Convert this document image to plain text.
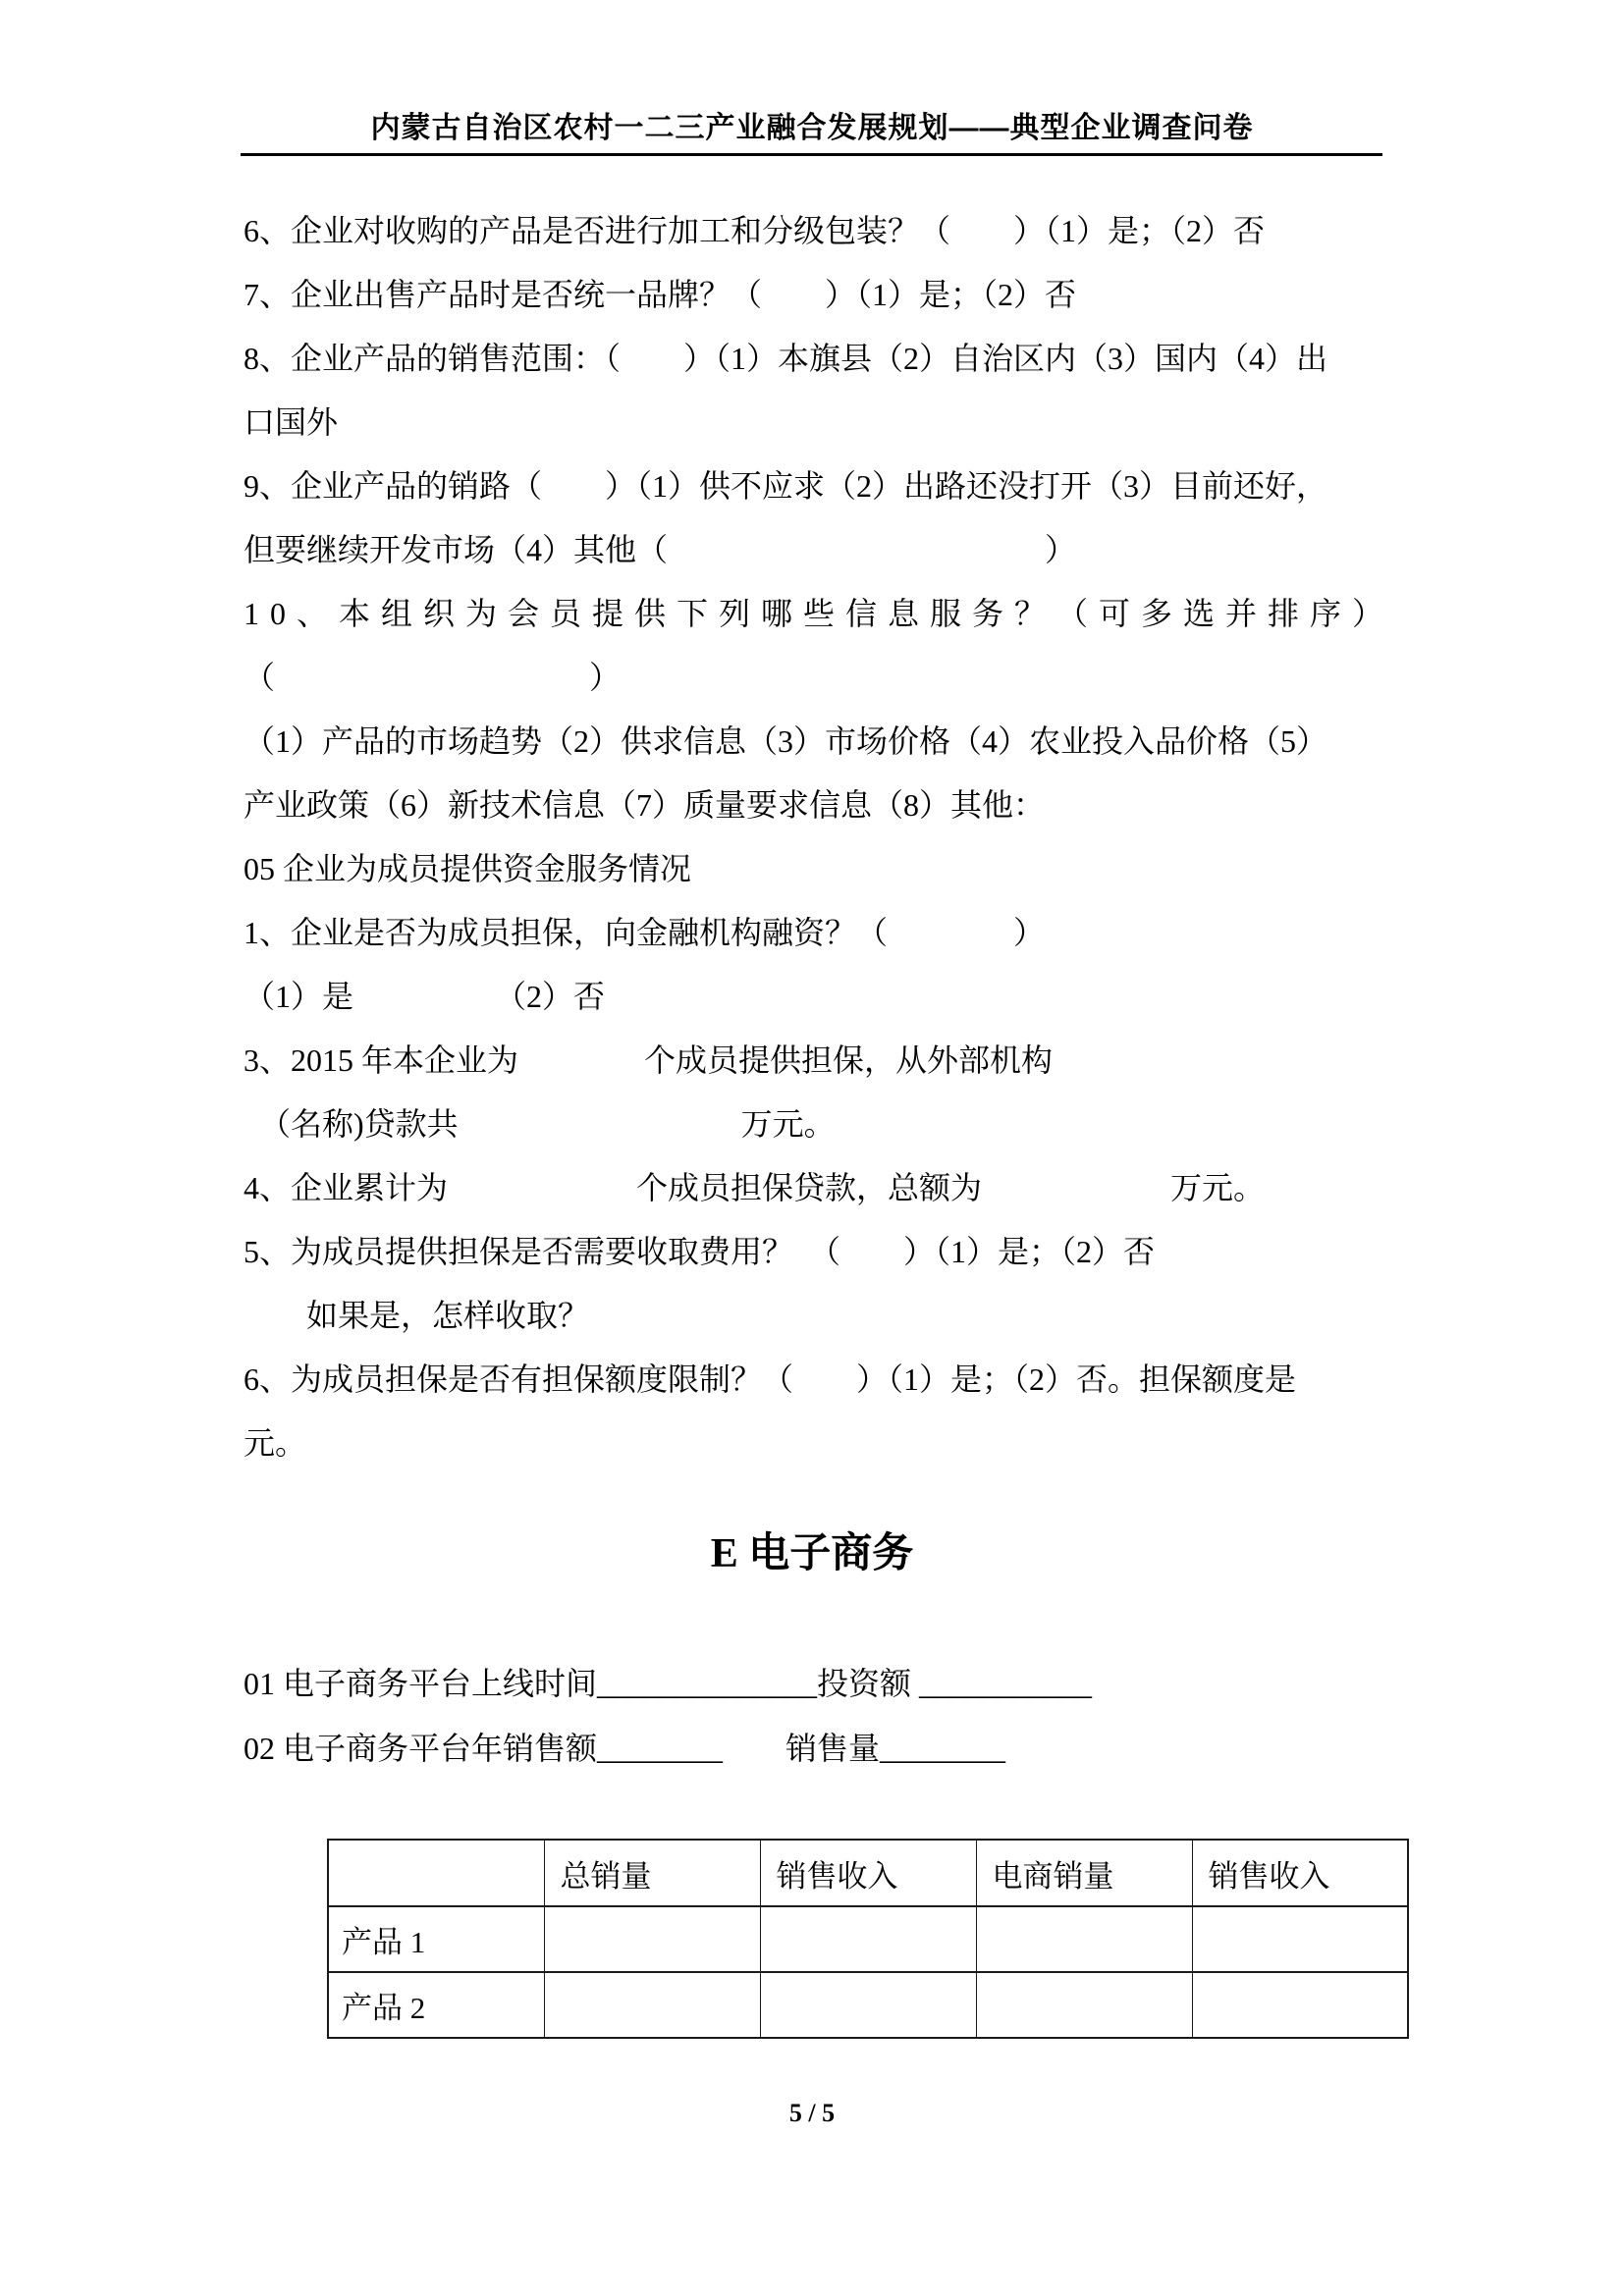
内蒙古自治区农村一二三产业融合发展规划——典型企业调查问卷

6、企业对收购的产品是否进行加工和分级包装？（　　）（1）是；（2）否

7、企业出售产品时是否统一品牌？（　　）（1）是；（2）否

8、企业产品的销售范围：（　　）（1）本旗县（2）自治区内（3）国内（4）出

口国外

9、企业产品的销路（　　）（1）供不应求（2）出路还没打开（3）目前还好，

但要继续开发市场（4）其他（　　　　　　　　　　　　）

10、本组织为会员提供下列哪些信息服务？（可多选并排序）

（　　　　　　　　　　）

（1）产品的市场趋势（2）供求信息（3）市场价格（4）农业投入品价格（5）

产业政策（6）新技术信息（7）质量要求信息（8）其他：

05 企业为成员提供资金服务情况

1、企业是否为成员担保，向金融机构融资？（　　　　）

（1）是　　　　　（2）否

3、2015 年本企业为　　　　个成员提供担保，从外部机构

　（名称)贷款共　　　　　　　　　万元。

4、企业累计为　　　　　　个成员担保贷款，总额为　　　　　　万元。

5、为成员提供担保是否需要收取费用？　（　　）（1）是；（2）否

　　如果是，怎样收取？

6、为成员担保是否有担保额度限制？（　　）（1）是；（2）否。担保额度是

元。

E 电子商务

01 电子商务平台上线时间______________投资额 ___________

02 电子商务平台年销售额________　　销售量________

	总销量	销售收入	电商销量	销售收入
产品 1				
产品 2				
5 / 5
